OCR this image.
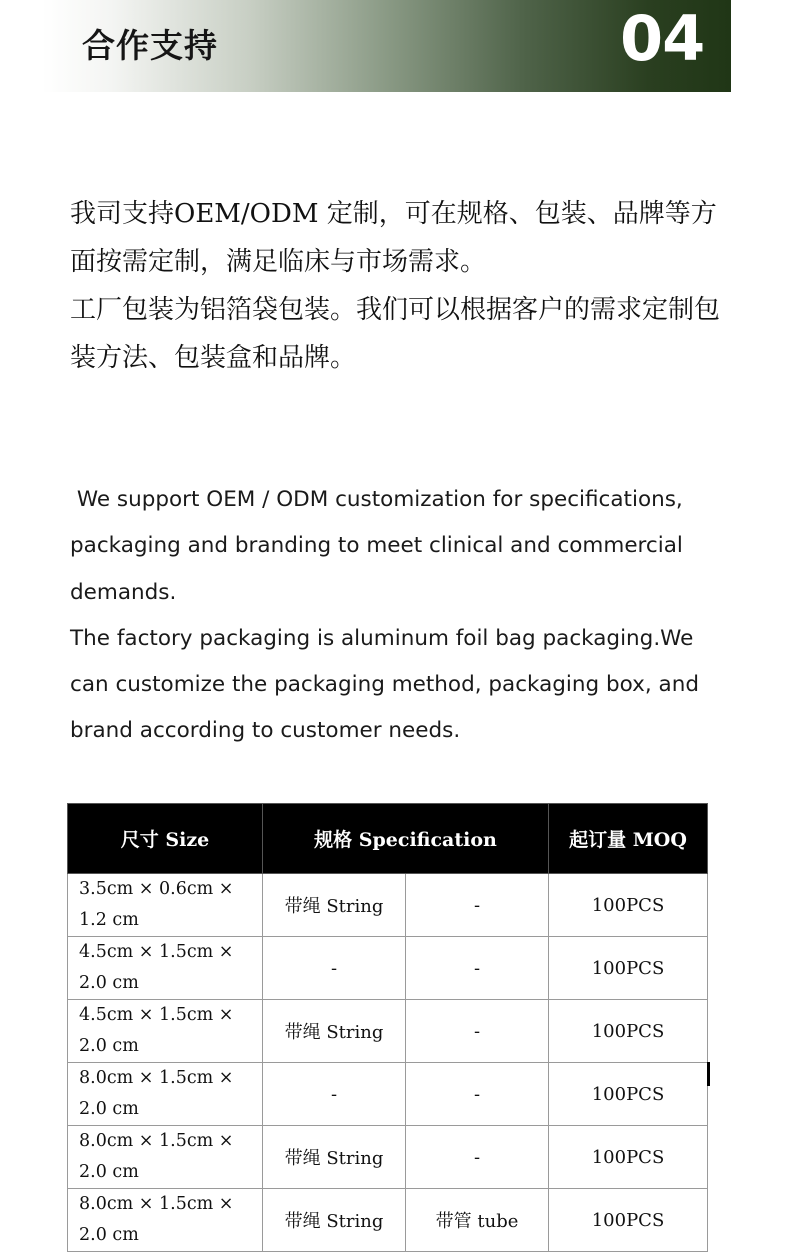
合作支持	04

我司支持OEM/ODM 定制，可在规格、包装、品牌等方面按需定制，满足临床与市场需求。

工厂包装为铝箔袋包装。我们可以根据客户的需求定制包装方法、包装盒和品牌。

We support OEM / ODM customization for specifications, packaging and branding to meet clinical and commercial demands.

The factory packaging is aluminum foil bag packaging.We can customize the packaging method, packaging box, and brand according to customer needs.

尺寸 Size	规格 Specification		起订量 MOQ
3.5cm × 0.6cm × 1.2 cm	带绳 String	-	100PCS
4.5cm × 1.5cm × 2.0 cm	-	-	100PCS
4.5cm × 1.5cm × 2.0 cm	带绳 String	-	100PCS
8.0cm × 1.5cm × 2.0 cm	-	-	100PCS
8.0cm × 1.5cm × 2.0 cm	带绳 String	-	100PCS
8.0cm × 1.5cm × 2.0 cm	带绳 String	带管 tube	100PCS
